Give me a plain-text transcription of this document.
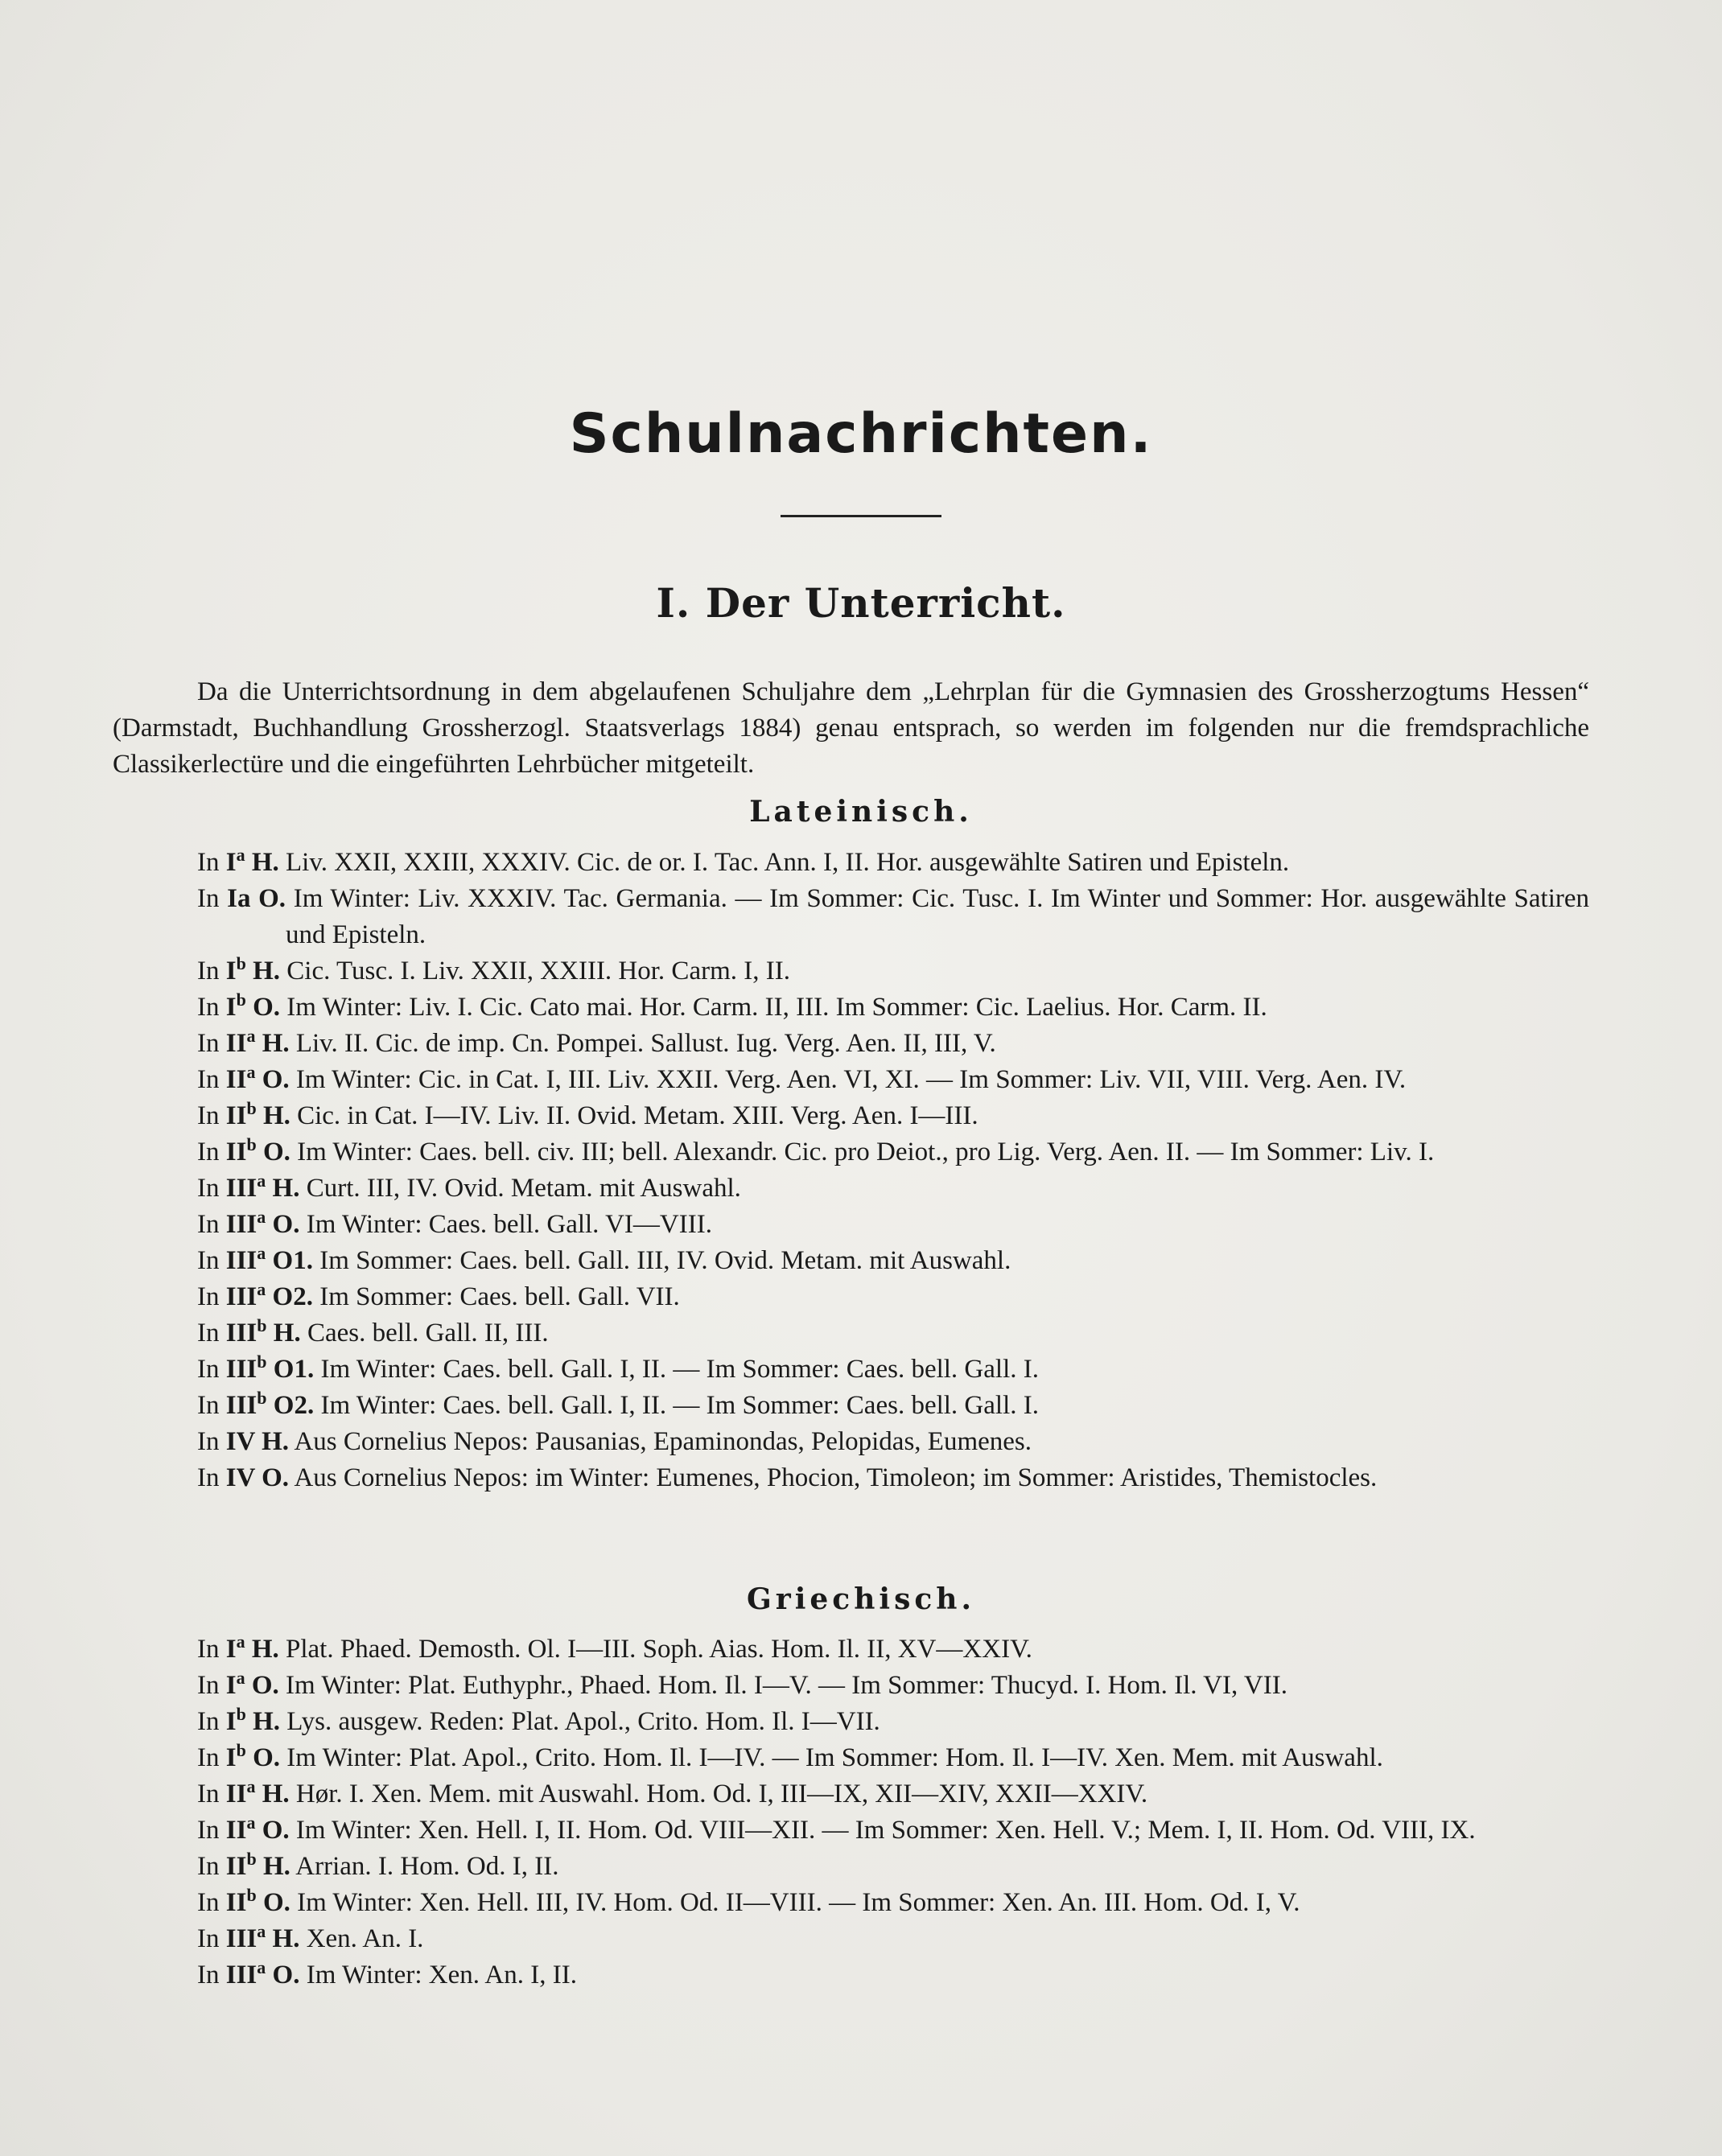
Schulnachrichten.
I. Der Unterricht.
Da die Unterrichtsordnung in dem abgelaufenen Schuljahre dem „Lehrplan für die Gymnasien des Grossherzogtums Hessen“ (Darmstadt, Buchhandlung Grossherzogl. Staatsverlags 1884) genau entsprach, so werden im folgenden nur die fremdsprachliche Classikerlectüre und die eingeführten Lehrbücher mitgeteilt.
Lateinisch.
In $I^a$ H. Liv. XXII, XXIII, XXXIV. Cic. de or. I. Tac. Ann. I, II. Hor. ausgewählte Satiren und Episteln.
In Ia O. Im Winter: Liv. XXXIV. Tac. Germania. — Im Sommer: Cic. Tusc. I. Im Winter und Sommer: Hor. ausgewählte Satiren und Episteln.
In $I^b$ H. Cic. Tusc. I. Liv. XXII, XXIII. Hor. Carm. I, II.
In $I^b$ O. Im Winter: Liv. I. Cic. Cato mai. Hor. Carm. II, III. Im Sommer: Cic. Laelius. Hor. Carm. II.
In $II^a$ H. Liv. II. Cic. de imp. Cn. Pompei. Sallust. Iug. Verg. Aen. II, III, V.
In $II^a$ O. Im Winter: Cic. in Cat. I, III. Liv. XXII. Verg. Aen. VI, XI. — Im Sommer: Liv. VII, VIII. Verg. Aen. IV.
In $II^b$ H. Cic. in Cat. I—IV. Liv. II. Ovid. Metam. XIII. Verg. Aen. I—III.
In $II^b$ O. Im Winter: Caes. bell. civ. III; bell. Alexandr. Cic. pro Deiot., pro Lig. Verg. Aen. II. — Im Sommer: Liv. I.
In III$^a$ H. Curt. III, IV. Ovid. Metam. mit Auswahl.
In III$^a$ O. Im Winter: Caes. bell. Gall. VI—VIII.
In III$^a$ O1. Im Sommer: Caes. bell. Gall. III, IV. Ovid. Metam. mit Auswahl.
In III$^a$ O2. Im Sommer: Caes. bell. Gall. VII.
In III$^b$ H. Caes. bell. Gall. II, III.
In III$^b$ O1. Im Winter: Caes. bell. Gall. I, II. — Im Sommer: Caes. bell. Gall. I.
In III$^b$ O2. Im Winter: Caes. bell. Gall. I, II. — Im Sommer: Caes. bell. Gall. I.
In IV H. Aus Cornelius Nepos: Pausanias, Epaminondas, Pelopidas, Eumenes.
In IV O. Aus Cornelius Nepos: im Winter: Eumenes, Phocion, Timoleon; im Sommer: Aristides, Themistocles.
Griechisch.
In $I^a$ H. Plat. Phaed. Demosth. Ol. I—III. Soph. Aias. Hom. Il. II, XV—XXIV.
In $I^a$ O. Im Winter: Plat. Euthyphr., Phaed. Hom. Il. I—V. — Im Sommer: Thucyd. I. Hom. Il. VI, VII.
In $I^b$ H. Lys. ausgew. Reden: Plat. Apol., Crito. Hom. Il. I—VII.
In $I^b$ O. Im Winter: Plat. Apol., Crito. Hom. Il. I—IV. — Im Sommer: Hom. Il. I—IV. Xen. Mem. mit Auswahl.
In $II^a$ H. Hør. I. Xen. Mem. mit Auswahl. Hom. Od. I, III—IX, XII—XIV, XXII—XXIV.
In $II^a$ O. Im Winter: Xen. Hell. I, II. Hom. Od. VIII—XII. — Im Sommer: Xen. Hell. V.; Mem. I, II. Hom. Od. VIII, IX.
In $II^b$ H. Arrian. I. Hom. Od. I, II.
In $II^b$ O. Im Winter: Xen. Hell. III, IV. Hom. Od. II—VIII. — Im Sommer: Xen. An. III. Hom. Od. I, V.
In III$^a$ H. Xen. An. I.
In III$^a$ O. Im Winter: Xen. An. I, II.
